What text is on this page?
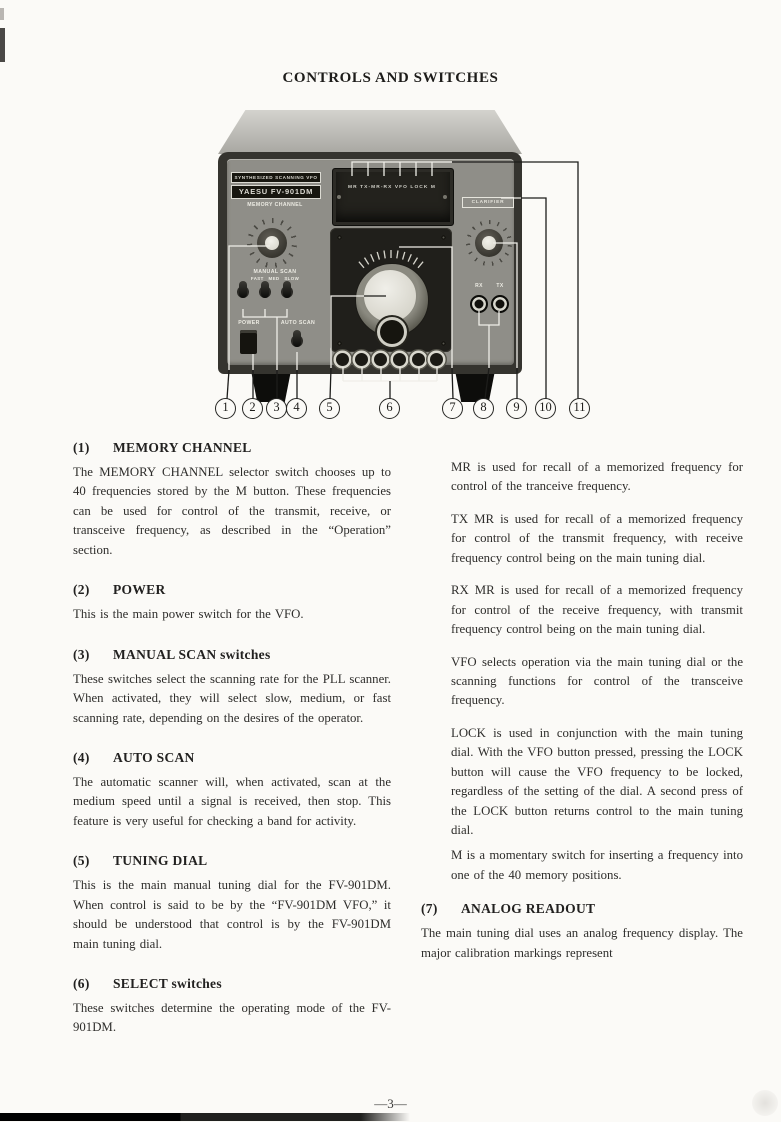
CONTROLS AND SWITCHES
SYNTHESIZED SCANNING VFO
YAESU FV-901DM
MEMORY CHANNEL
MANUAL SCAN
FAST   MED   SLOW
POWER	AUTO SCAN
MR TX-MR-RX VFO LOCK M
CLARIFIER
RX	TX
1	2	3	4	5	6	7	8	9	10	11
(1)	MEMORY CHANNEL

The MEMORY CHANNEL selector switch chooses up to 40 frequencies stored by the M button. These frequencies can be used for control of the transmit, receive, or transceive frequency, as described in the “Operation” section.

(2)	POWER

This is the main power switch for the VFO.

(3)	MANUAL SCAN switches

These switches select the scanning rate for the PLL scanner. When activated, they will select slow, medium, or fast scanning rate, depending on the desires of the operator.

(4)	AUTO SCAN

The automatic scanner will, when activated, scan at the medium speed until a signal is received, then stop. This feature is very useful for checking a band for activity.

(5)	TUNING DIAL

This is the main manual tuning dial for the FV-901DM. When control is said to be by the “FV-901DM VFO,” it should be understood that control is by the FV-901DM main tuning dial.

(6)	SELECT switches

These switches determine the operating mode of the FV-901DM.

MR is used for recall of a memorized frequency for control of the tranceive frequency.

TX MR is used for recall of a memorized frequency for control of the transmit frequency, with receive frequency control being on the main tuning dial.

RX MR is used for recall of a memorized frequency for control of the receive frequency, with transmit frequency control being on the main tuning dial.

VFO selects operation via the main tuning dial or the scanning functions for control of the transceive frequency.

LOCK is used in conjunction with the main tuning dial. With the VFO button pressed, pressing the LOCK button will cause the VFO frequency to be locked, regardless of the setting of the dial. A second press of the LOCK button returns control to the main tuning dial.

M is a momentary switch for inserting a frequency into one of the 40 memory positions.

(7)	ANALOG READOUT

The main tuning dial uses an analog frequency display. The major calibration markings represent

—3—
